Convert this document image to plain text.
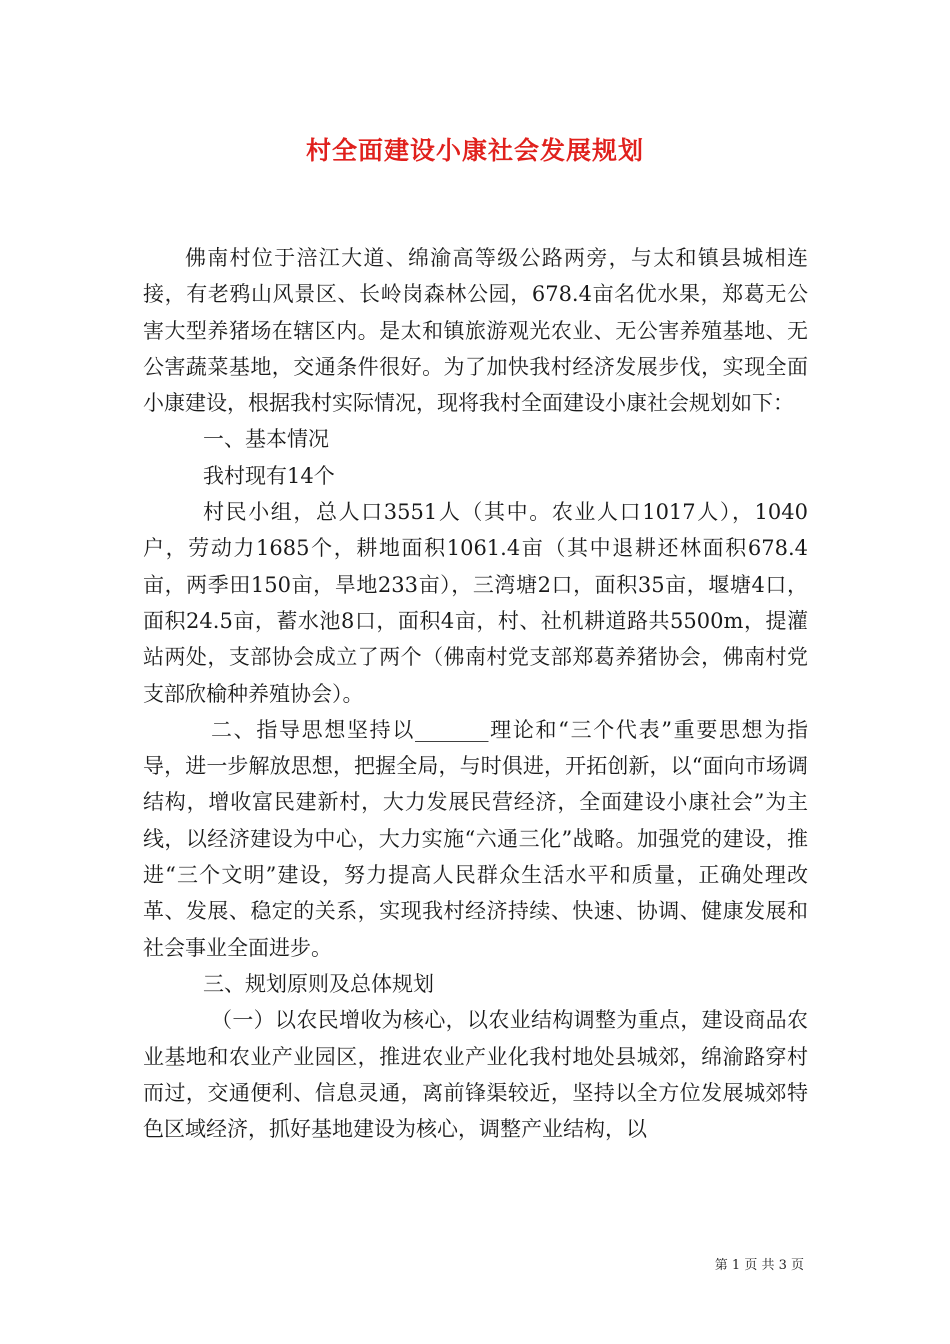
村全面建设小康社会发展规划

佛南村位于涪江大道、绵渝高等级公路两旁，与太和镇县城相连接，有老鸦山风景区、长岭岗森林公园，678.4亩名优水果，郑葛无公害大型养猪场在辖区内。是太和镇旅游观光农业、无公害养殖基地、无公害蔬菜基地，交通条件很好。为了加快我村经济发展步伐，实现全面小康建设，根据我村实际情况，现将我村全面建设小康社会规划如下：

一、基本情况

我村现有14个

村民小组，总人口3551人（其中。农业人口1017人），1040户，劳动力1685个，耕地面积1061.4亩（其中退耕还林面积678.4亩，两季田150亩，旱地233亩），三湾塘2口，面积35亩，堰塘4口，面积24.5亩，蓄水池8口，面积4亩，村、社机耕道路共5500m，提灌站两处，支部协会成立了两个（佛南村党支部郑葛养猪协会，佛南村党支部欣榆种养殖协会）。

二、指导思想坚持以_______理论和“三个代表”重要思想为指导，进一步解放思想，把握全局，与时俱进，开拓创新，以“面向市场调结构，增收富民建新村，大力发展民营经济，全面建设小康社会”为主线，以经济建设为中心，大力实施“六通三化”战略。加强党的建设，推进“三个文明”建设，努力提高人民群众生活水平和质量，正确处理改革、发展、稳定的关系，实现我村经济持续、快速、协调、健康发展和社会事业全面进步。

三、规划原则及总体规划

（一）以农民增收为核心，以农业结构调整为重点，建设商品农业基地和农业产业园区，推进农业产业化我村地处县城郊，绵渝路穿村而过，交通便利、信息灵通，离前锋渠较近，坚持以全方位发展城郊特色区域经济，抓好基地建设为核心，调整产业结构，以

第 1 页 共 3 页
